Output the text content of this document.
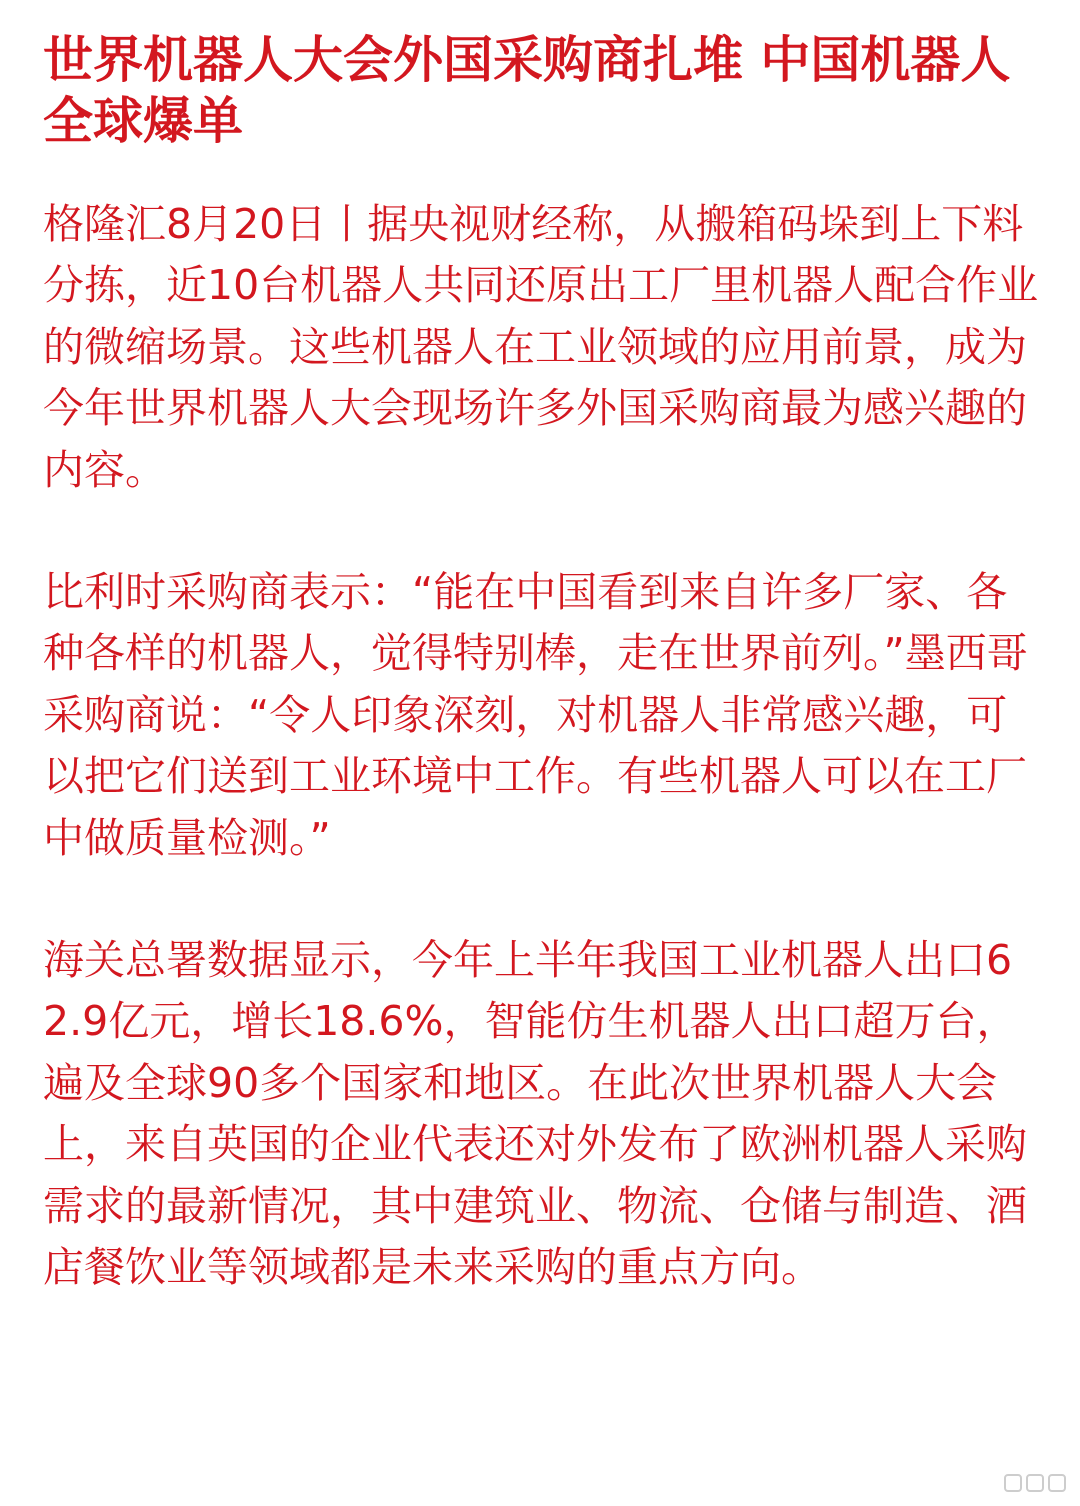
世界机器人大会外国采购商扎堆 中国机器人全球爆单

格隆汇8月20日丨据央视财经称，从搬箱码垛到上下料分拣，近10台机器人共同还原出工厂里机器人配合作业的微缩场景。这些机器人在工业领域的应用前景，成为今年世界机器人大会现场许多外国采购商最为感兴趣的内容。

比利时采购商表示：“能在中国看到来自许多厂家、各种各样的机器人，觉得特别棒，走在世界前列。”墨西哥采购商说：“令人印象深刻，对机器人非常感兴趣，可以把它们送到工业环境中工作。有些机器人可以在工厂中做质量检测。”

海关总署数据显示，今年上半年我国工业机器人出口62.9亿元，增长18.6%，智能仿生机器人出口超万台，遍及全球90多个国家和地区。在此次世界机器人大会上，来自英国的企业代表还对外发布了欧洲机器人采购需求的最新情况，其中建筑业、物流、仓储与制造、酒店餐饮业等领域都是未来采购的重点方向。
